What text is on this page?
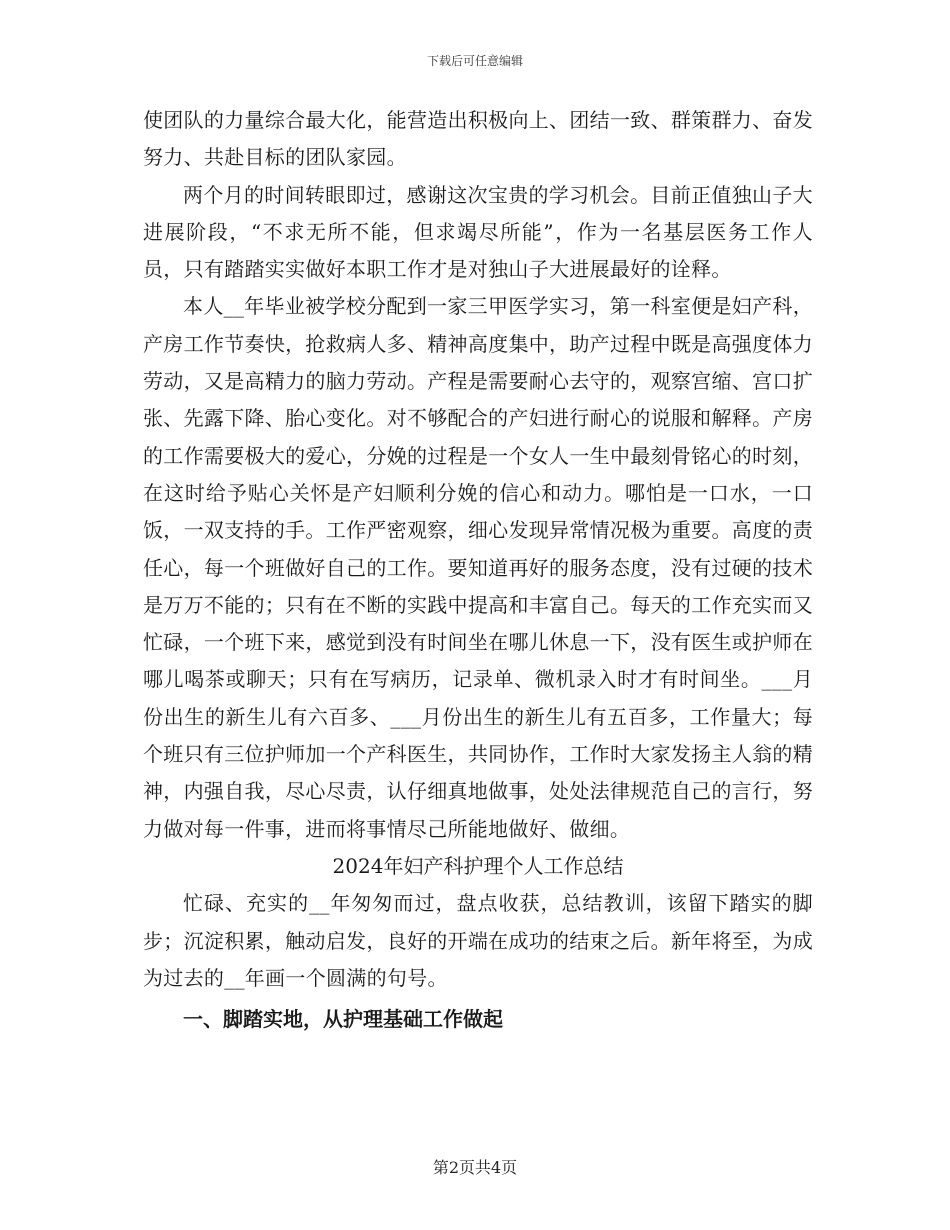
下载后可任意编辑

使团队的力量综合最大化，能营造出积极向上、团结一致、群策群力、奋发努力、共赴目标的团队家园。

两个月的时间转眼即过，感谢这次宝贵的学习机会。目前正值独山子大进展阶段，“不求无所不能，但求竭尽所能”，作为一名基层医务工作人员，只有踏踏实实做好本职工作才是对独山子大进展最好的诠释。

本人__年毕业被学校分配到一家三甲医学实习，第一科室便是妇产科，产房工作节奏快，抢救病人多、精神高度集中，助产过程中既是高强度体力劳动，又是高精力的脑力劳动。产程是需要耐心去守的，观察宫缩、宫口扩张、先露下降、胎心变化。对不够配合的产妇进行耐心的说服和解释。产房的工作需要极大的爱心，分娩的过程是一个女人一生中最刻骨铭心的时刻，在这时给予贴心关怀是产妇顺利分娩的信心和动力。哪怕是一口水，一口饭，一双支持的手。工作严密观察，细心发现异常情况极为重要。高度的责任心，每一个班做好自己的工作。要知道再好的服务态度，没有过硬的技术是万万不能的；只有在不断的实践中提高和丰富自己。每天的工作充实而又忙碌，一个班下来，感觉到没有时间坐在哪儿休息一下，没有医生或护师在哪儿喝茶或聊天；只有在写病历，记录单、微机录入时才有时间坐。___月份出生的新生儿有六百多、___月份出生的新生儿有五百多，工作量大；每个班只有三位护师加一个产科医生，共同协作，工作时大家发扬主人翁的精神，内强自我，尽心尽责，认仔细真地做事，处处法律规范自己的言行，努力做对每一件事，进而将事情尽己所能地做好、做细。

2024年妇产科护理个人工作总结

忙碌、充实的__年匆匆而过，盘点收获，总结教训，该留下踏实的脚步；沉淀积累，触动启发，良好的开端在成功的结束之后。新年将至，为成为过去的__年画一个圆满的句号。

一、脚踏实地，从护理基础工作做起
第2页共4页
